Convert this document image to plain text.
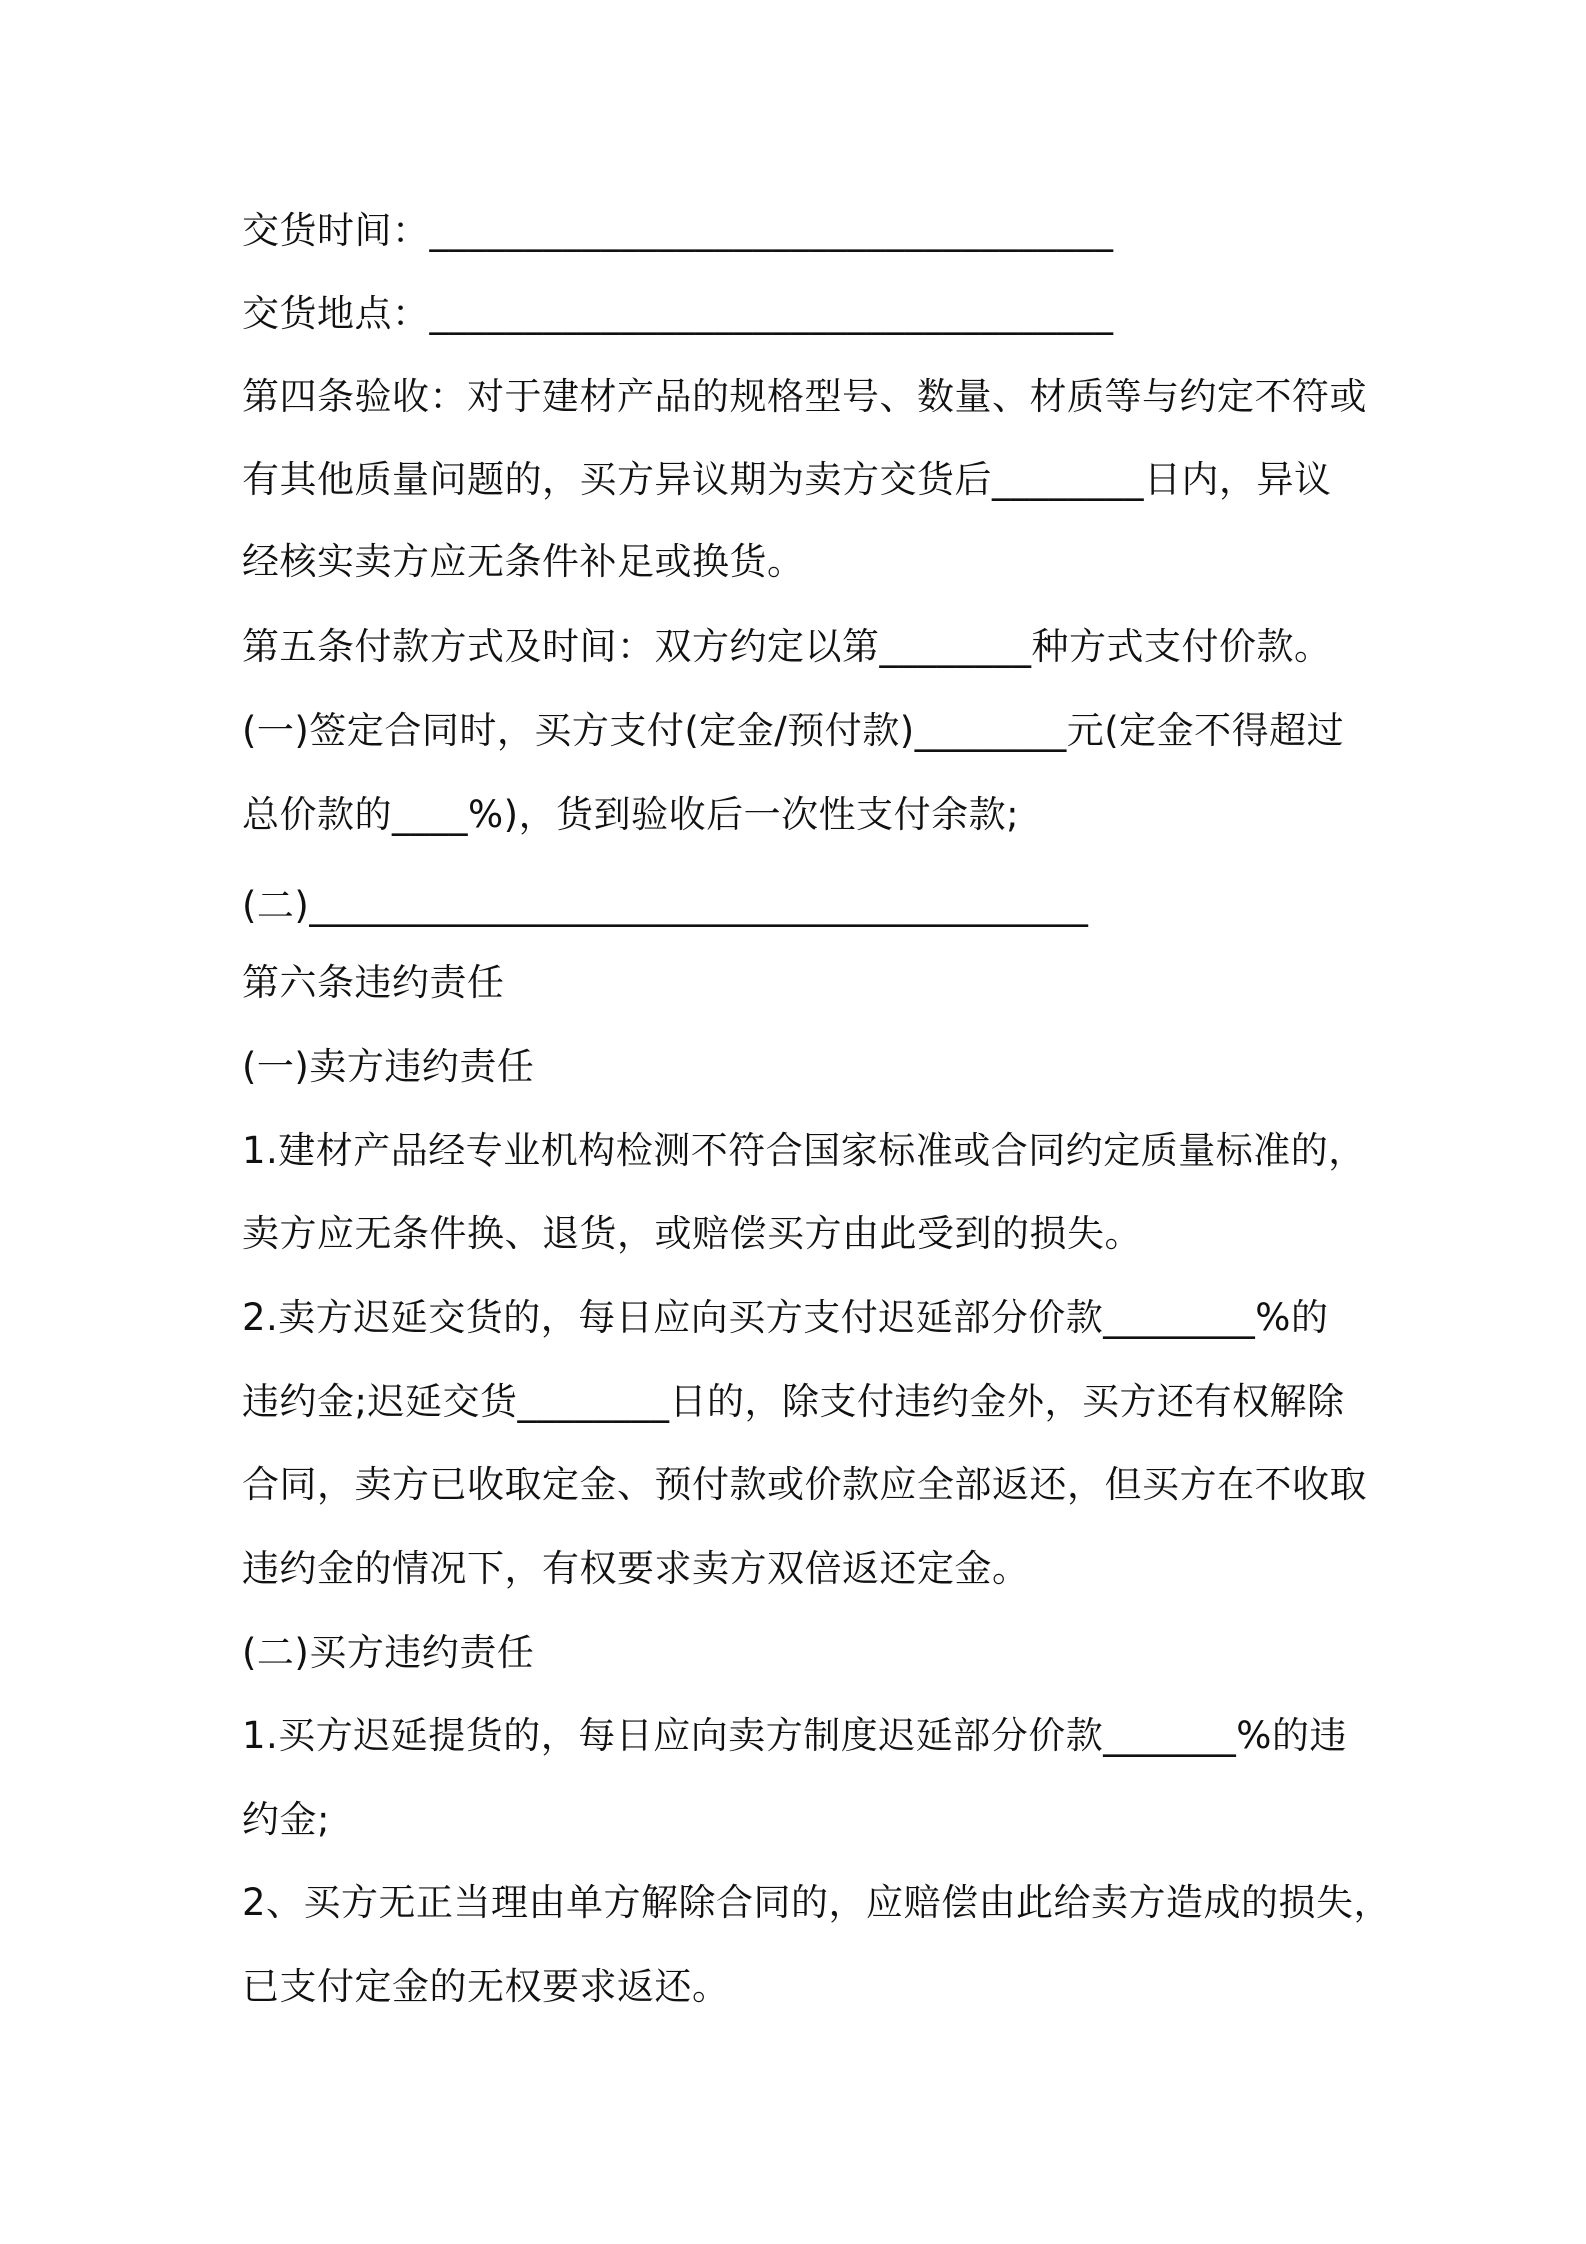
交货时间：____________________________________
交货地点：____________________________________
第四条验收：对于建材产品的规格型号、数量、材质等与约定不符或
有其他质量问题的，买方异议期为卖方交货后________日内，异议
经核实卖方应无条件补足或换货。
第五条付款方式及时间：双方约定以第________种方式支付价款。
(一)签定合同时，买方支付(定金/预付款)________元(定金不得超过
总价款的____%)，货到验收后一次性支付余款;
(二)_________________________________________
第六条违约责任
(一)卖方违约责任
1.建材产品经专业机构检测不符合国家标准或合同约定质量标准的，
卖方应无条件换、退货，或赔偿买方由此受到的损失。
2.卖方迟延交货的，每日应向买方支付迟延部分价款________%的
违约金;迟延交货________日的，除支付违约金外，买方还有权解除
合同，卖方已收取定金、预付款或价款应全部返还，但买方在不收取
违约金的情况下，有权要求卖方双倍返还定金。
(二)买方违约责任
1.买方迟延提货的，每日应向卖方制度迟延部分价款_______%的违
约金;
2、买方无正当理由单方解除合同的，应赔偿由此给卖方造成的损失，
已支付定金的无权要求返还。
